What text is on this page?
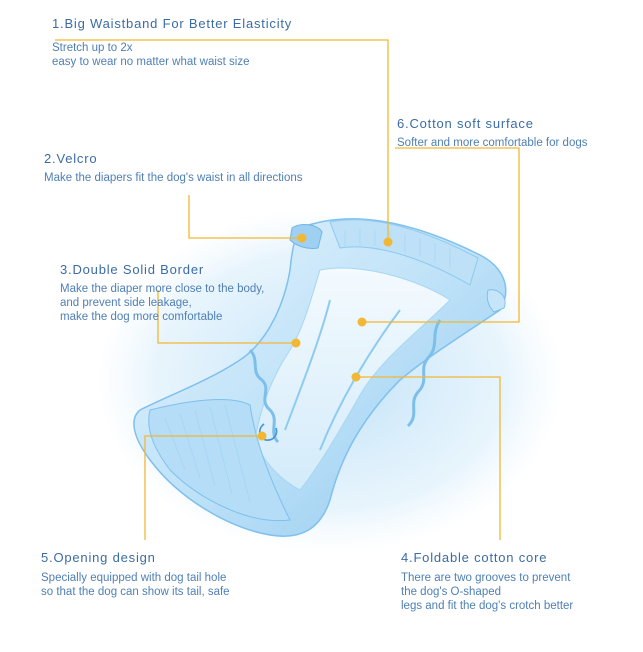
1.Big Waistband For Better Elasticity
Stretch up to 2x
easy to wear no matter what waist size
6.Cotton soft surface
Softer and more comfortable for dogs
2.Velcro
Make the diapers fit the dog's waist in all directions
3.Double Solid Border
Make the diaper more close to the body,
and prevent side leakage,
make the dog more comfortable
5.Opening design
Specially equipped with dog tail hole
so that the dog can show its tail, safe
4.Foldable cotton core
There are two grooves to prevent
the dog's O-shaped
legs and fit the dog's crotch better
